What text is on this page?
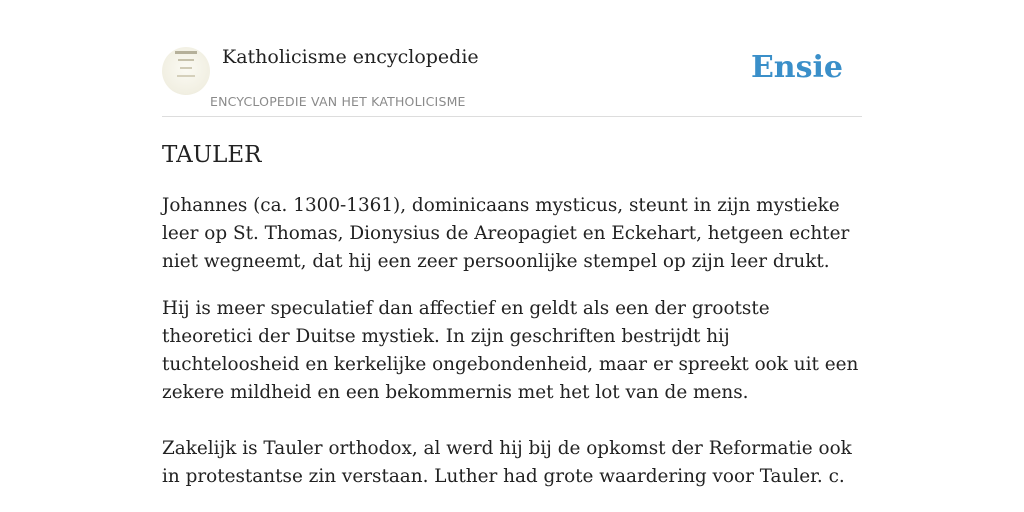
Katholicisme encyclopedie
ENCYCLOPEDIE VAN HET KATHOLICISME
Ensie
TAULER

Johannes (ca. 1300-1361), dominicaans mysticus, steunt in zijn mystieke leer op St. Thomas, Dionysius de Areopagiet en Eckehart, hetgeen echter niet wegneemt, dat hij een zeer persoonlijke stempel op zijn leer drukt.

Hij is meer speculatief dan affectief en geldt als een der grootste theoretici der Duitse mystiek. In zijn geschriften bestrijdt hij tuchteloosheid en kerkelijke ongebondenheid, maar er spreekt ook uit een zekere mildheid en een bekommernis met het lot van de mens.

Zakelijk is Tauler orthodox, al werd hij bij de opkomst der Reformatie ook in protestantse zin verstaan. Luther had grote waardering voor Tauler. c.
